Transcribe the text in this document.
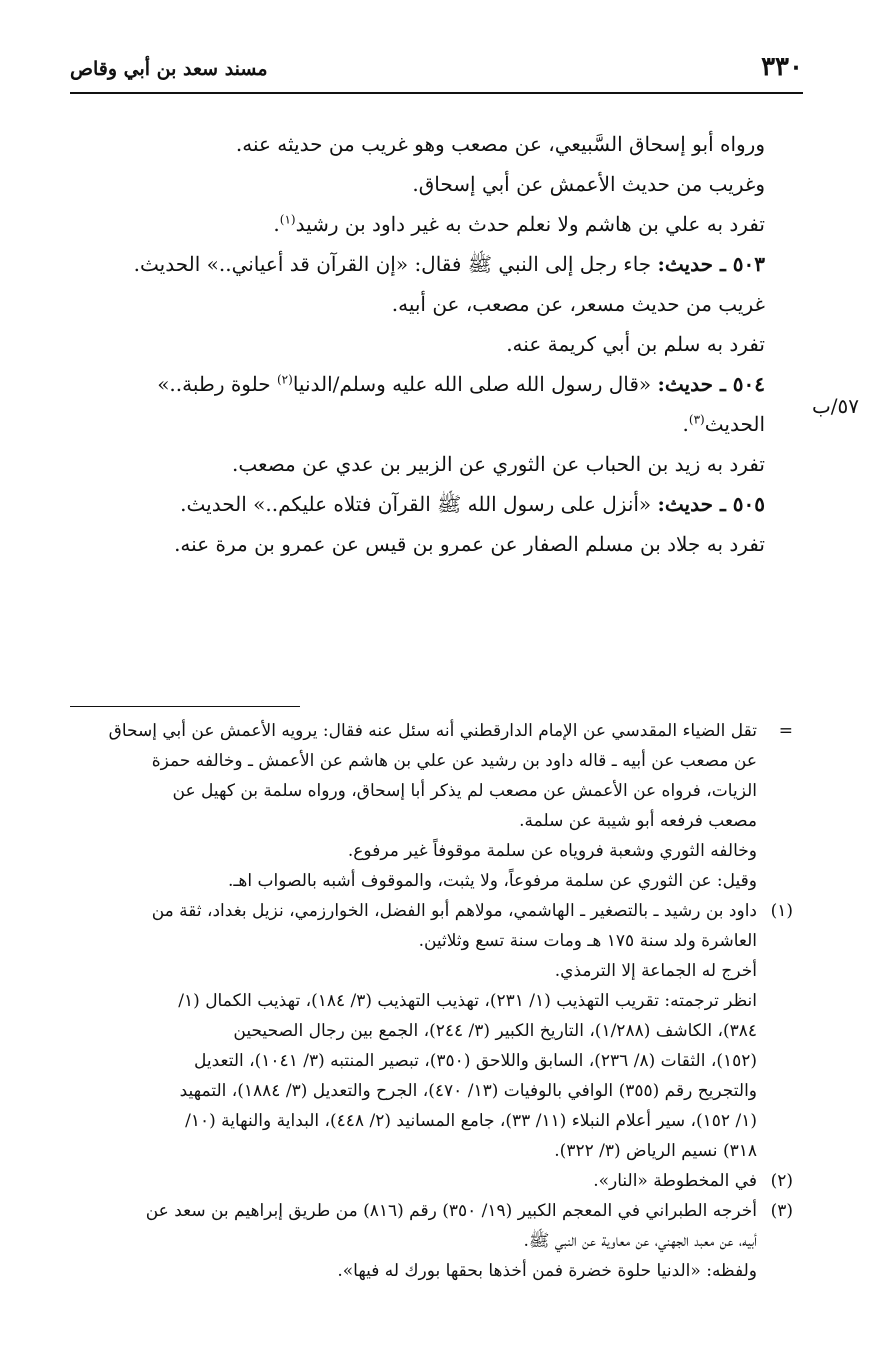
٣٣٠
مسند سعد بن أبي وقاص
٥٧/ب

ورواه أبو إسحاق السَّبيعي، عن مصعب وهو غريب من حديثه عنه.

وغريب من حديث الأعمش عن أبي إسحاق.

تفرد به علي بن هاشم ولا نعلم حدث به غير داود بن رشيد$^{(١)}$.

٥٠٣ ـ حديث: جاء رجل إلى النبي ﷺ فقال: «إن القرآن قد أعياني..» الحديث.

غريب من حديث مسعر، عن مصعب، عن أبيه.

تفرد به سلم بن أبي كريمة عنه.

٥٠٤ ـ حديث: «قال رسول الله صلى الله عليه وسلم/الدنيا$^{(٢)}$ حلوة رطبة..» الحديث$^{(٣)}$.

تفرد به زيد بن الحباب عن الثوري عن الزبير بن عدي عن مصعب.

٥٠٥ ـ حديث: «أنزل على رسول الله ﷺ القرآن فتلاه عليكم..» الحديث.

تفرد به جلاد بن مسلم الصفار عن عمرو بن قيس عن عمرو بن مرة عنه.

=
تقل الضياء المقدسي عن الإمام الدارقطني أنه سئل عنه فقال: يرويه الأعمش عن أبي إسحاق
عن مصعب عن أبيه ـ قاله داود بن رشيد عن علي بن هاشم عن الأعمش ـ وخالفه حمزة
الزيات، فرواه عن الأعمش عن مصعب لم يذكر أبا إسحاق، ورواه سلمة بن كهيل عن
مصعب فرفعه أبو شيبة عن سلمة.
وخالفه الثوري وشعبة فروياه عن سلمة موقوفاً غير مرفوع.
وقيل: عن الثوري عن سلمة مرفوعاً، ولا يثبت، والموقوف أشبه بالصواب اهـ.
(١)
داود بن رشيد ـ بالتصغير ـ الهاشمي، مولاهم أبو الفضل، الخوارزمي، نزيل بغداد، ثقة من
العاشرة ولد سنة ١٧٥ هـ ومات سنة تسع وثلاثين.
أخرج له الجماعة إلا الترمذي.
انظر ترجمته: تقريب التهذيب (١/ ٢٣١)، تهذيب التهذيب (٣/ ١٨٤)، تهذيب الكمال (١/
٣٨٤)، الكاشف (١/٢٨٨)، التاريخ الكبير (٣/ ٢٤٤)، الجمع بين رجال الصحيحين
(١٥٢)، الثقات (٨/ ٢٣٦)، السابق واللاحق (٣٥٠)، تبصير المنتبه (٣/ ١٠٤١)، التعديل
والتجريح رقم (٣٥٥) الوافي بالوفيات (١٣/ ٤٧٠)، الجرح والتعديل (٣/ ١٨٨٤)، التمهيد
(١/ ١٥٢)، سير أعلام النبلاء (١١/ ٣٣)، جامع المسانيد (٢/ ٤٤٨)، البداية والنهاية (١٠/
٣١٨) نسيم الرياض (٣/ ٣٢٢).
(٢)
في المخطوطة «النار».
(٣)
أخرجه الطبراني في المعجم الكبير (١٩/ ٣٥٠) رقم (٨١٦) من طريق إبراهيم بن سعد عن
أبيه، عن معبد الجهني، عن معاوية عن النبي ﷺ.
ولفظه: «الدنيا حلوة خضرة فمن أخذها بحقها بورك له فيها».
